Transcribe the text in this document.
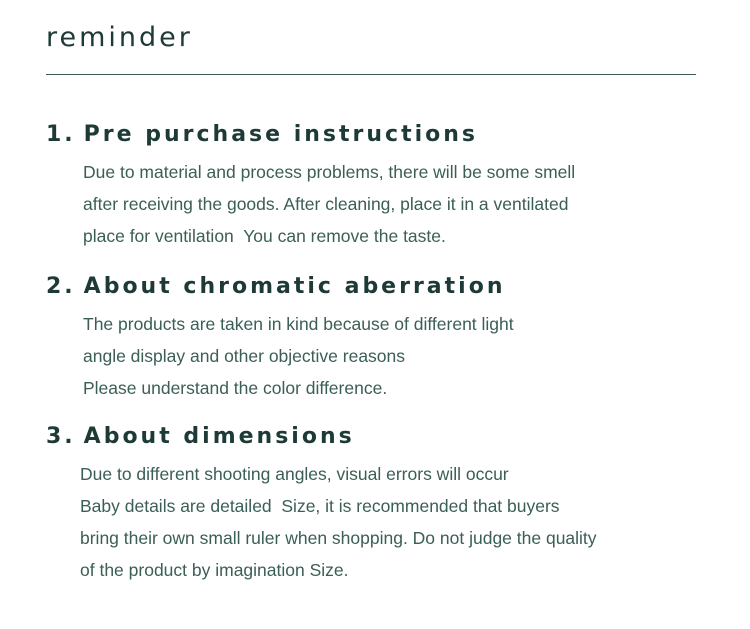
reminder
1. Pre purchase instructions

Due to material and process problems, there will be some smell
after receiving the goods. After cleaning, place it in a ventilated
place for ventilation  You can remove the taste.

2. About chromatic aberration

The products are taken in kind because of different light
angle display and other objective reasons
Please understand the color difference.

3. About dimensions

Due to different shooting angles, visual errors will occur
Baby details are detailed  Size, it is recommended that buyers
bring their own small ruler when shopping. Do not judge the quality
of the product by imagination Size.
